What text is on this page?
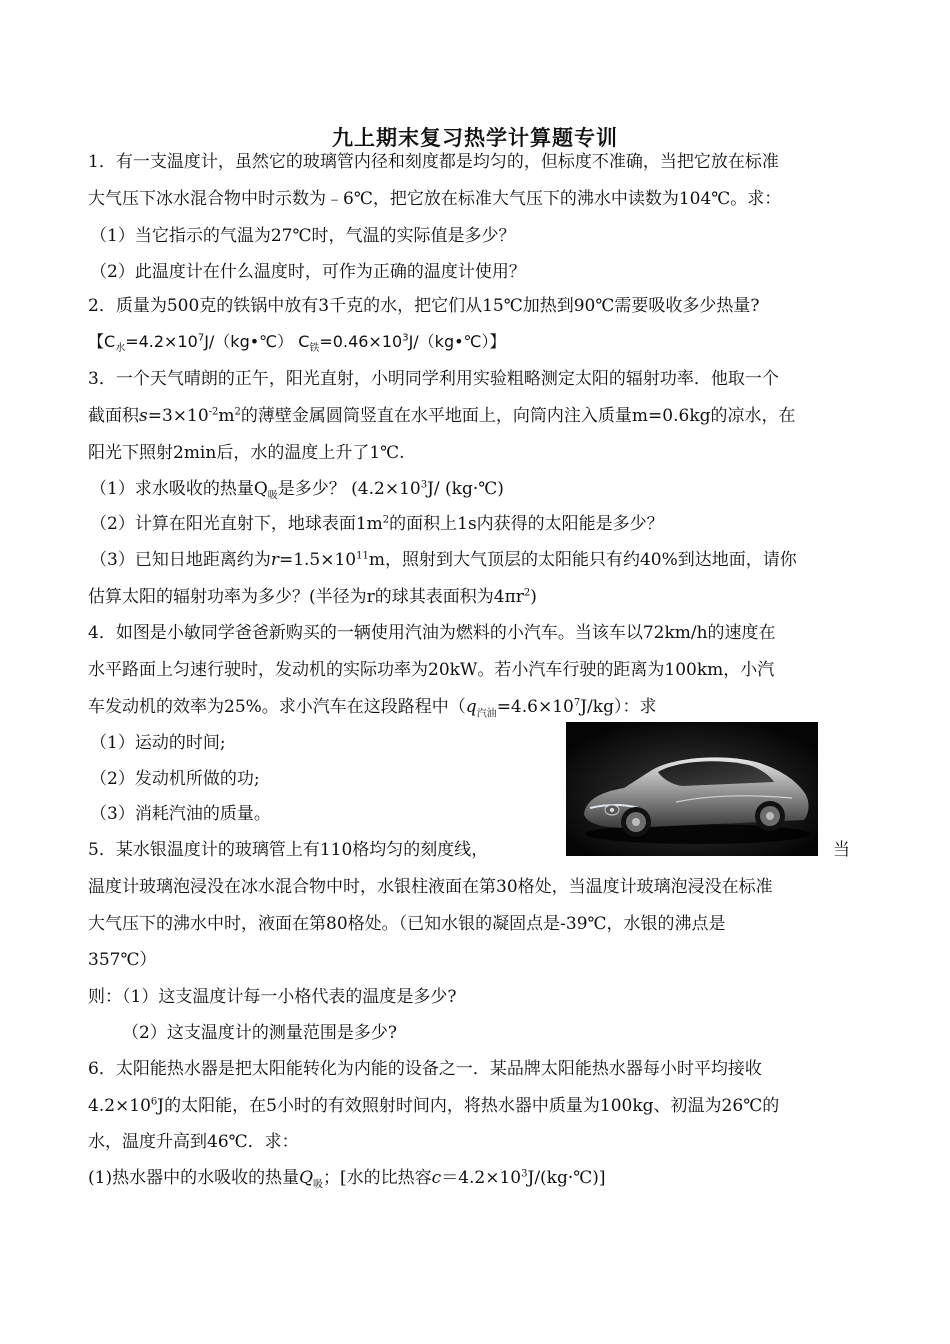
九上期末复习热学计算题专训
1．有一支温度计，虽然它的玻璃管内径和刻度都是均匀的，但标度不准确，当把它放在标准
大气压下冰水混合物中时示数为﹣6℃，把它放在标准大气压下的沸水中读数为104℃。求：
（1）当它指示的气温为27℃时，气温的实际值是多少？
（2）此温度计在什么温度时，可作为正确的温度计使用？
2．质量为500克的铁锅中放有3千克的水，把它们从15℃加热到90℃需要吸收多少热量?
【$C_水=4.2\times 10^7J/(kg•℃)$ $C_铁=0.46\times 10^3J/(kg•℃)$】
3．一个天气晴朗的正午，阳光直射，小明同学利用实验粗略测定太阳的辐射功率．他取一个
截面积$s=3\times 10^{-2}m^2$的薄壁金属圆筒竖直在水平地面上，向筒内注入质量m=0.6kg的凉水，在
阳光下照射2min后，水的温度上升了1℃.
（1）求水吸收的热量$Q_吸$是多少？ ($4.2\times 10^3J/$ (kg·℃)
（2）计算在阳光直射下，地球表面$1m^2$的面积上1s内获得的太阳能是多少？
（3）已知日地距离约为$r=1.5\times 10^{11}m$，照射到大气顶层的太阳能只有约40%到达地面，请你
估算太阳的辐射功率为多少？(半径为r的球其表面积为$4\pi r^2$)
4．如图是小敏同学爸爸新购买的一辆使用汽油为燃料的小汽车。当该车以72km/h的速度在
水平路面上匀速行驶时，发动机的实际功率为20kW。若小汽车行驶的距离为100km，小汽
车发动机的效率为25%。求小汽车在这段路程中$(q_{汽油}=4.6\times 10^7J/kg)$：求
（1）运动的时间;
（2）发动机所做的功;
（3）消耗汽油的质量。
5．某水银温度计的玻璃管上有110格均匀的刻度线，	当
温度计玻璃泡浸没在冰水混合物中时，水银柱液面在第30格处，当温度计玻璃泡浸没在标准
大气压下的沸水中时，液面在第80格处。（已知水银的凝固点是-39℃，水银的沸点是
357℃）
则：（1）这支温度计每一小格代表的温度是多少?
（2）这支温度计的测量范围是多少?
6．太阳能热水器是把太阳能转化为内能的设备之一．某品牌太阳能热水器每小时平均接收
$4.2\times 10^6J$的太阳能，在5小时的有效照射时间内，将热水器中质量为100kg、初温为26℃的
水，温度升高到46℃．求：
(1)热水器中的水吸收的热量$Q_吸$；[水的比热容$c=4.2\times 10^3J/(kg\cdot℃)$]
